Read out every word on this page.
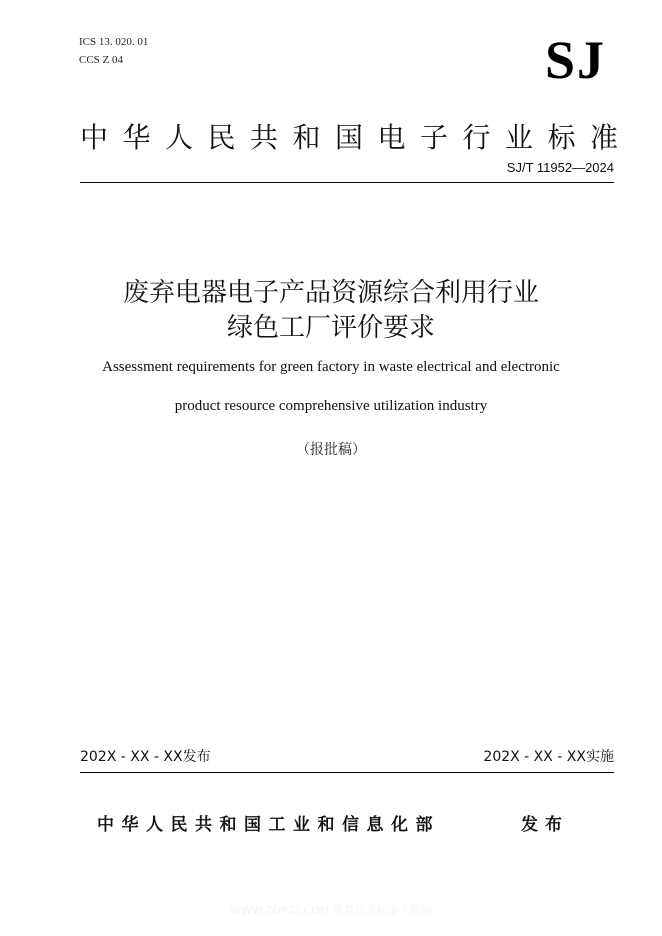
ICS 13. 020. 01
CCS Z 04	SJ
中华人民共和国电子行业标准
SJ/T 11952—2024
废弃电器电子产品资源综合利用行业
绿色工厂评价要求
Assessment requirements for green factory in waste electrical and electronic
product resource comprehensive utilization industry
（报批稿）
202X - XX - XX发布	202X - XX - XX实施
中华人民共和国工业和信息化部	发布
WWW.ZGPZF.COM 质量技术标准下载网
